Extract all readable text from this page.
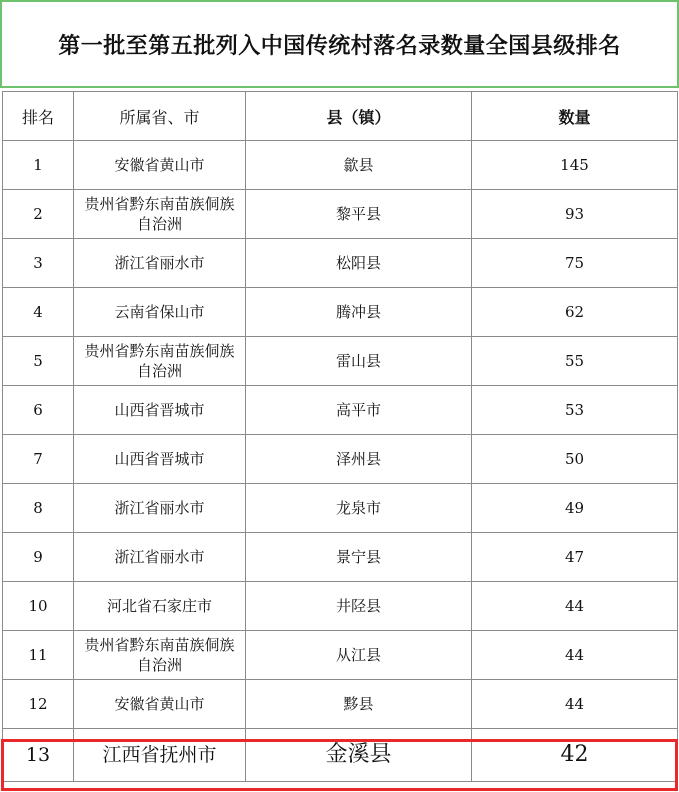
第一批至第五批列入中国传统村落名录数量全国县级排名
排名	所属省、市	县（镇）	数量
1	安徽省黄山市	歙县	145
2	贵州省黔东南苗族侗族自治洲	黎平县	93
3	浙江省丽水市	松阳县	75
4	云南省保山市	腾冲县	62
5	贵州省黔东南苗族侗族自治洲	雷山县	55
6	山西省晋城市	高平市	53
7	山西省晋城市	泽州县	50
8	浙江省丽水市	龙泉市	49
9	浙江省丽水市	景宁县	47
10	河北省石家庄市	井陉县	44
11	贵州省黔东南苗族侗族自治洲	从江县	44
12	安徽省黄山市	黟县	44
13	江西省抚州市	金溪县	42
